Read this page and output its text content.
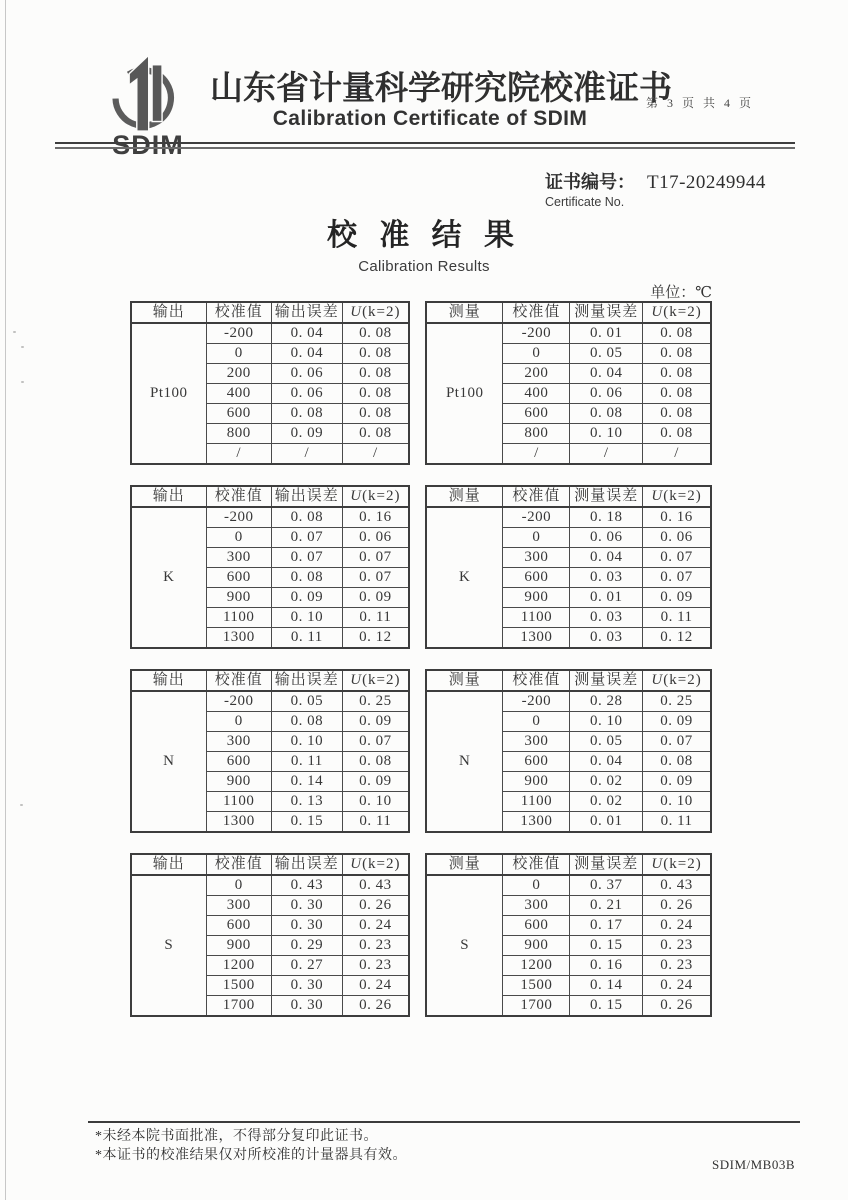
SDIM
山东省计量科学研究院校准证书
第 3 页 共 4 页
Calibration Certificate of SDIM
证书编号： T17-20249944
Certificate No.
校 准 结 果
Calibration Results
单位：℃
输出	校准值	输出误差	U(k=2)
Pt100	-200	0. 04	0. 08
	0	0. 04	0. 08
	200	0. 06	0. 08
	400	0. 06	0. 08
	600	0. 08	0. 08
	800	0. 09	0. 08
	/	/	/
测量	校准值	测量误差	U(k=2)
Pt100	-200	0. 01	0. 08
	0	0. 05	0. 08
	200	0. 04	0. 08
	400	0. 06	0. 08
	600	0. 08	0. 08
	800	0. 10	0. 08
	/	/	/
输出	校准值	输出误差	U(k=2)
K	-200	0. 08	0. 16
	0	0. 07	0. 06
	300	0. 07	0. 07
	600	0. 08	0. 07
	900	0. 09	0. 09
	1100	0. 10	0. 11
	1300	0. 11	0. 12
测量	校准值	测量误差	U(k=2)
K	-200	0. 18	0. 16
	0	0. 06	0. 06
	300	0. 04	0. 07
	600	0. 03	0. 07
	900	0. 01	0. 09
	1100	0. 03	0. 11
	1300	0. 03	0. 12
输出	校准值	输出误差	U(k=2)
N	-200	0. 05	0. 25
	0	0. 08	0. 09
	300	0. 10	0. 07
	600	0. 11	0. 08
	900	0. 14	0. 09
	1100	0. 13	0. 10
	1300	0. 15	0. 11
测量	校准值	测量误差	U(k=2)
N	-200	0. 28	0. 25
	0	0. 10	0. 09
	300	0. 05	0. 07
	600	0. 04	0. 08
	900	0. 02	0. 09
	1100	0. 02	0. 10
	1300	0. 01	0. 11
输出	校准值	输出误差	U(k=2)
S	0	0. 43	0. 43
	300	0. 30	0. 26
	600	0. 30	0. 24
	900	0. 29	0. 23
	1200	0. 27	0. 23
	1500	0. 30	0. 24
	1700	0. 30	0. 26
测量	校准值	测量误差	U(k=2)
S	0	0. 37	0. 43
	300	0. 21	0. 26
	600	0. 17	0. 24
	900	0. 15	0. 23
	1200	0. 16	0. 23
	1500	0. 14	0. 24
	1700	0. 15	0. 26
*未经本院书面批准，不得部分复印此证书。
*本证书的校准结果仅对所校准的计量器具有效。
SDIM/MB03B
